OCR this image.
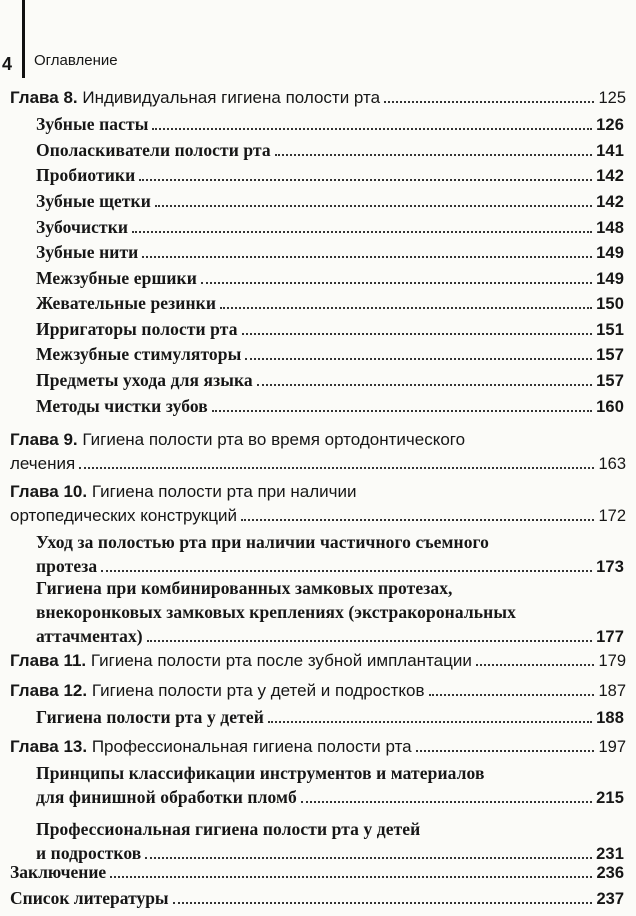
4 Оглавление
Глава 8. Индивидуальная гигиена полости рта	125
Зубные пасты	126
Ополаскиватели полости рта	141
Пробиотики	142
Зубные щетки	142
Зубочистки	148
Зубные нити	149
Межзубные ершики	149
Жевательные резинки	150
Ирригаторы полости рта	151
Межзубные стимуляторы	157
Предметы ухода для языка	157
Методы чистки зубов	160
Глава 9. Гигиена полости рта во время ортодонтического
лечения	163
Глава 10. Гигиена полости рта при наличии
ортопедических конструкций	172
Уход за полостью рта при наличии частичного съемного
протеза	173
Гигиена при комбинированных замковых протезах,
внекоронковых замковых креплениях (экстракорональных
аттачментах)	177
Глава 11. Гигиена полости рта после зубной имплантации	179
Глава 12. Гигиена полости рта у детей и подростков	187
Гигиена полости рта у детей	188
Глава 13. Профессиональная гигиена полости рта	197
Принципы классификации инструментов и материалов
для финишной обработки пломб	215
Профессиональная гигиена полости рта у детей
и подростков	231
Заключение	236
Список литературы	237
